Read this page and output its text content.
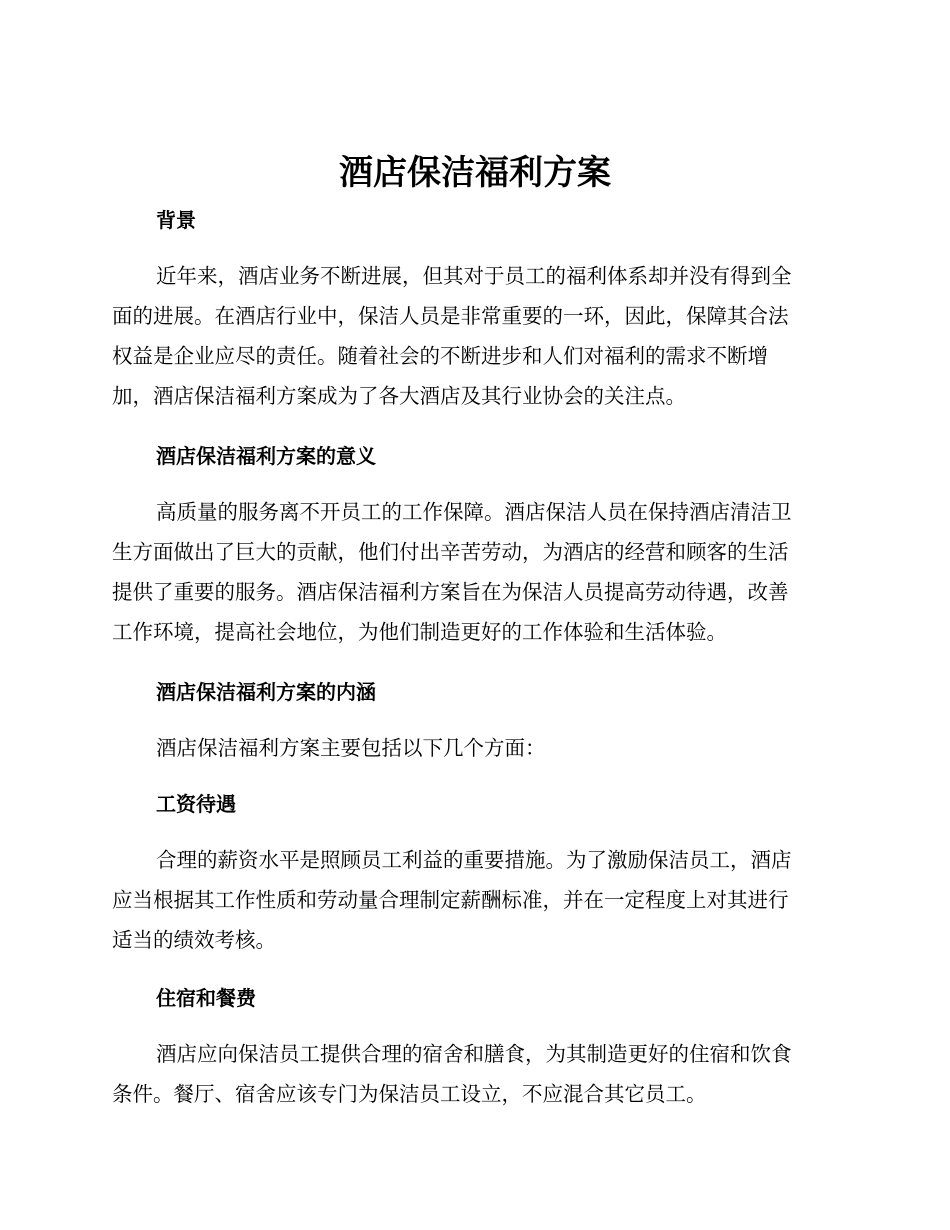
酒店保洁福利方案
背景
近年来，酒店业务不断进展，但其对于员工的福利体系却并没有得到全
面的进展。在酒店行业中，保洁人员是非常重要的一环，因此，保障其合法
权益是企业应尽的责任。随着社会的不断进步和人们对福利的需求不断增
加，酒店保洁福利方案成为了各大酒店及其行业协会的关注点。
酒店保洁福利方案的意义
高质量的服务离不开员工的工作保障。酒店保洁人员在保持酒店清洁卫
生方面做出了巨大的贡献，他们付出辛苦劳动，为酒店的经营和顾客的生活
提供了重要的服务。酒店保洁福利方案旨在为保洁人员提高劳动待遇，改善
工作环境，提高社会地位，为他们制造更好的工作体验和生活体验。
酒店保洁福利方案的内涵
酒店保洁福利方案主要包括以下几个方面：
工资待遇
合理的薪资水平是照顾员工利益的重要措施。为了激励保洁员工，酒店
应当根据其工作性质和劳动量合理制定薪酬标准，并在一定程度上对其进行
适当的绩效考核。
住宿和餐费
酒店应向保洁员工提供合理的宿舍和膳食，为其制造更好的住宿和饮食
条件。餐厅、宿舍应该专门为保洁员工设立，不应混合其它员工。
